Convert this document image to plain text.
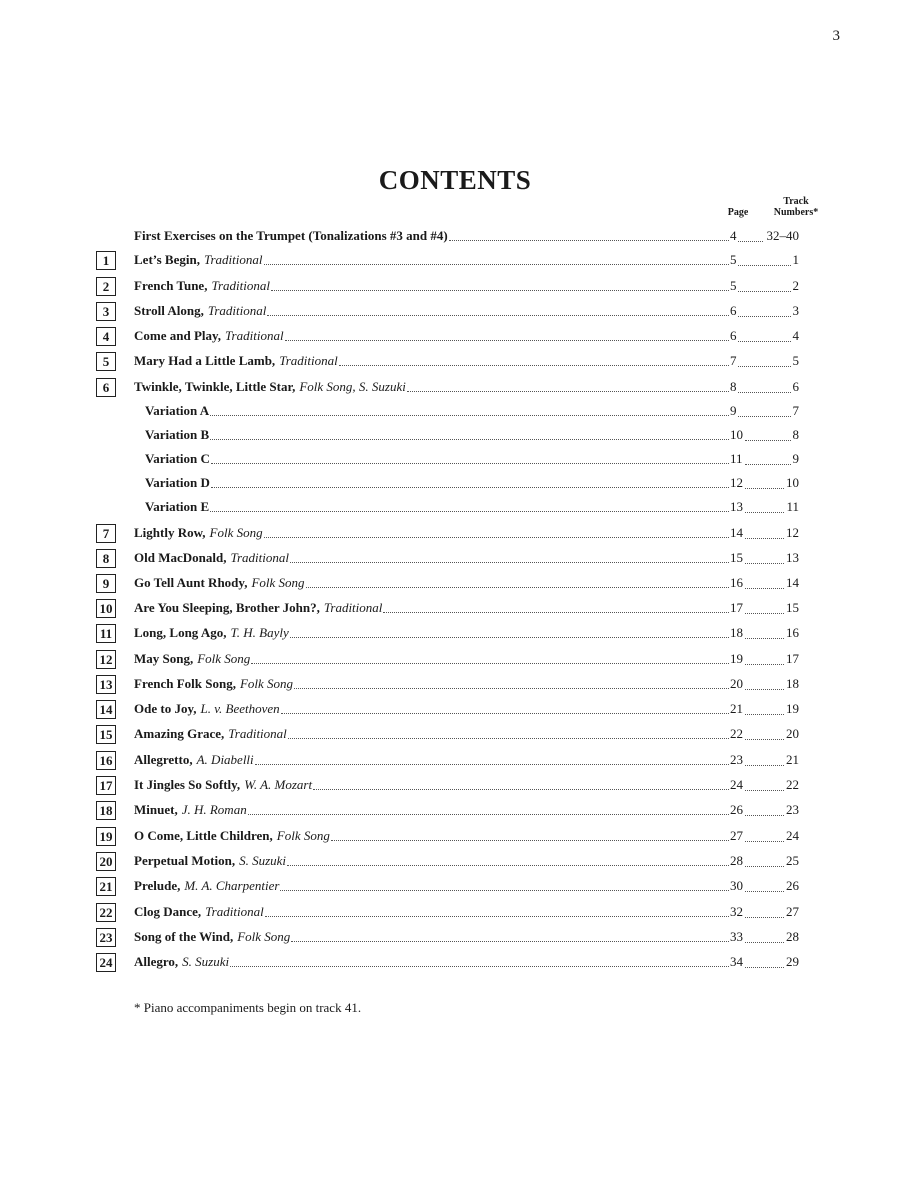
3
CONTENTS
Page
Track
Numbers*
First Exercises on the Trumpet (Tonalizations #3 and #4)	4 32–40
1	Let’s Begin, Traditional	5	1
2	French Tune, Traditional	5	2
3	Stroll Along, Traditional	6	3
4	Come and Play, Traditional	6	4
5	Mary Had a Little Lamb, Traditional	7	5
6	Twinkle, Twinkle, Little Star, Folk Song, S. Suzuki	8	6
Variation A	9	7
Variation B	10	8
Variation C	11	9
Variation D	12	10
Variation E	13	11
7	Lightly Row, Folk Song	14	12
8	Old MacDonald, Traditional	15	13
9	Go Tell Aunt Rhody, Folk Song	16	14
10 Are You Sleeping, Brother John?, Traditional	17	15
11 Long, Long Ago, T. H. Bayly	18	16
12 May Song, Folk Song	19	17
13 French Folk Song, Folk Song	20	18
14 Ode to Joy, L. v. Beethoven	21	19
15 Amazing Grace, Traditional	22	20
16 Allegretto, A. Diabelli	23	21
17 It Jingles So Softly, W. A. Mozart	24	22
18 Minuet, J. H. Roman	26	23
19 O Come, Little Children, Folk Song	27	24
20 Perpetual Motion, S. Suzuki	28	25
21 Prelude, M. A. Charpentier	30	26
22 Clog Dance, Traditional	32	27
23 Song of the Wind, Folk Song	33	28
24 Allegro, S. Suzuki	34	29
* Piano accompaniments begin on track 41.
